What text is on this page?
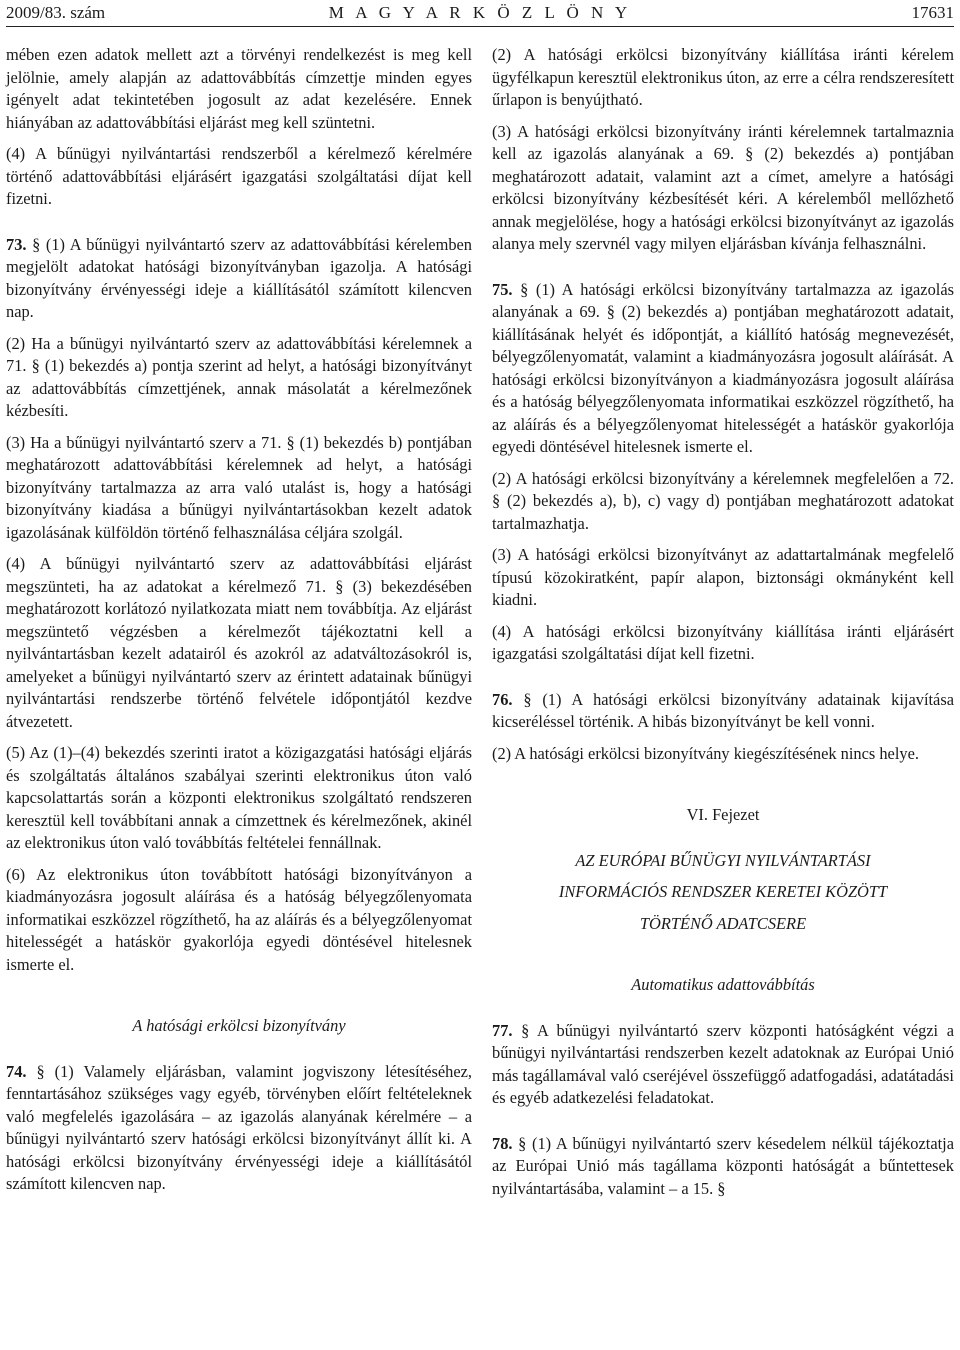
2009/83. szám	M A G Y A R K Ö Z L Ö N Y	17631

mében ezen adatok mellett azt a törvényi rendelkezést is meg kell jelölnie, amely alapján az adattovábbítás címzettje minden egyes igényelt adat tekintetében jogosult az adat kezelésére. Ennek hiányában az adattovábbítási eljárást meg kell szüntetni.

(4) A bűnügyi nyilvántartási rendszerből a kérelmező kérelmére történő adattovábbítási eljárásért igazgatási szolgáltatási díjat kell fizetni.

73. § (1) A bűnügyi nyilvántartó szerv az adattovábbítási kérelemben megjelölt adatokat hatósági bizonyítványban igazolja. A hatósági bizonyítvány érvényességi ideje a kiállításától számított kilencven nap.

(2) Ha a bűnügyi nyilvántartó szerv az adattovábbítási kérelemnek a 71. § (1) bekezdés a) pontja szerint ad helyt, a hatósági bizonyítványt az adattovábbítás címzettjének, annak másolatát a kérelmezőnek kézbesíti.

(3) Ha a bűnügyi nyilvántartó szerv a 71. § (1) bekezdés b) pontjában meghatározott adattovábbítási kérelemnek ad helyt, a hatósági bizonyítvány tartalmazza az arra való utalást is, hogy a hatósági bizonyítvány kiadása a bűnügyi nyilvántartásokban kezelt adatok igazolásának külföldön történő felhasználása céljára szolgál.

(4) A bűnügyi nyilvántartó szerv az adattovábbítási eljárást megszünteti, ha az adatokat a kérelmező 71. § (3) bekezdésében meghatározott korlátozó nyilatkozata miatt nem továbbítja. Az eljárást megszüntető végzésben a kérelmezőt tájékoztatni kell a nyilvántartásban kezelt adatairól és azokról az adatváltozásokról is, amelyeket a bűnügyi nyilvántartó szerv az érintett adatainak bűnügyi nyilvántartási rendszerbe történő felvétele időpontjától kezdve átvezetett.

(5) Az (1)–(4) bekezdés szerinti iratot a közigazgatási hatósági eljárás és szolgáltatás általános szabályai szerinti elektronikus úton való kapcsolattartás során a központi elektronikus szolgáltató rendszeren keresztül kell továbbítani annak a címzettnek és kérelmezőnek, akinél az elektronikus úton való továbbítás feltételei fennállnak.

(6) Az elektronikus úton továbbított hatósági bizonyítványon a kiadmányozásra jogosult aláírása és a hatóság bélyegzőlenyomata informatikai eszközzel rögzíthető, ha az aláírás és a bélyegzőlenyomat hitelességét a hatáskör gyakorlója egyedi döntésével hitelesnek ismerte el.

A hatósági erkölcsi bizonyítvány

74. § (1) Valamely eljárásban, valamint jogviszony létesítéséhez, fenntartásához szükséges vagy egyéb, törvényben előírt feltételeknek való megfelelés igazolására – az igazolás alanyának kérelmére – a bűnügyi nyilvántartó szerv hatósági erkölcsi bizonyítványt állít ki. A hatósági erkölcsi bizonyítvány érvényességi ideje a kiállításától számított kilencven nap.

(2) A hatósági erkölcsi bizonyítvány kiállítása iránti kérelem ügyfélkapun keresztül elektronikus úton, az erre a célra rendszeresített űrlapon is benyújtható.

(3) A hatósági erkölcsi bizonyítvány iránti kérelemnek tartalmaznia kell az igazolás alanyának a 69. § (2) bekezdés a) pontjában meghatározott adatait, valamint azt a címet, amelyre a hatósági erkölcsi bizonyítvány kézbesítését kéri. A kérelemből mellőzhető annak megjelölése, hogy a hatósági erkölcsi bizonyítványt az igazolás alanya mely szervnél vagy milyen eljárásban kívánja felhasználni.

75. § (1) A hatósági erkölcsi bizonyítvány tartalmazza az igazolás alanyának a 69. § (2) bekezdés a) pontjában meghatározott adatait, kiállításának helyét és időpontját, a kiállító hatóság megnevezését, bélyegzőlenyomatát, valamint a kiadmányozásra jogosult aláírását. A hatósági erkölcsi bizonyítványon a kiadmányozásra jogosult aláírása és a hatóság bélyegzőlenyomata informatikai eszközzel rögzíthető, ha az aláírás és a bélyegzőlenyomat hitelességét a hatáskör gyakorlója egyedi döntésével hitelesnek ismerte el.

(2) A hatósági erkölcsi bizonyítvány a kérelemnek megfelelően a 72. § (2) bekezdés a), b), c) vagy d) pontjában meghatározott adatokat tartalmazhatja.

(3) A hatósági erkölcsi bizonyítványt az adattartalmának megfelelő típusú közokiratként, papír alapon, biztonsági okmányként kell kiadni.

(4) A hatósági erkölcsi bizonyítvány kiállítása iránti eljárásért igazgatási szolgáltatási díjat kell fizetni.

76. § (1) A hatósági erkölcsi bizonyítvány adatainak kijavítása kicseréléssel történik. A hibás bizonyítványt be kell vonni.

(2) A hatósági erkölcsi bizonyítvány kiegészítésének nincs helye.

VI. Fejezet

AZ EURÓPAI BŰNÜGYI NYILVÁNTARTÁSI

INFORMÁCIÓS RENDSZER KERETEI KÖZÖTT

TÖRTÉNŐ ADATCSERE

Automatikus adattovábbítás

77. § A bűnügyi nyilvántartó szerv központi hatóságként végzi a bűnügyi nyilvántartási rendszerben kezelt adatoknak az Európai Unió más tagállamával való cseréjével összefüggő adatfogadási, adatátadási és egyéb adatkezelési feladatokat.

78. § (1) A bűnügyi nyilvántartó szerv késedelem nélkül tájékoztatja az Európai Unió más tagállama központi hatóságát a bűntettesek nyilvántartásába, valamint – a 15. §
